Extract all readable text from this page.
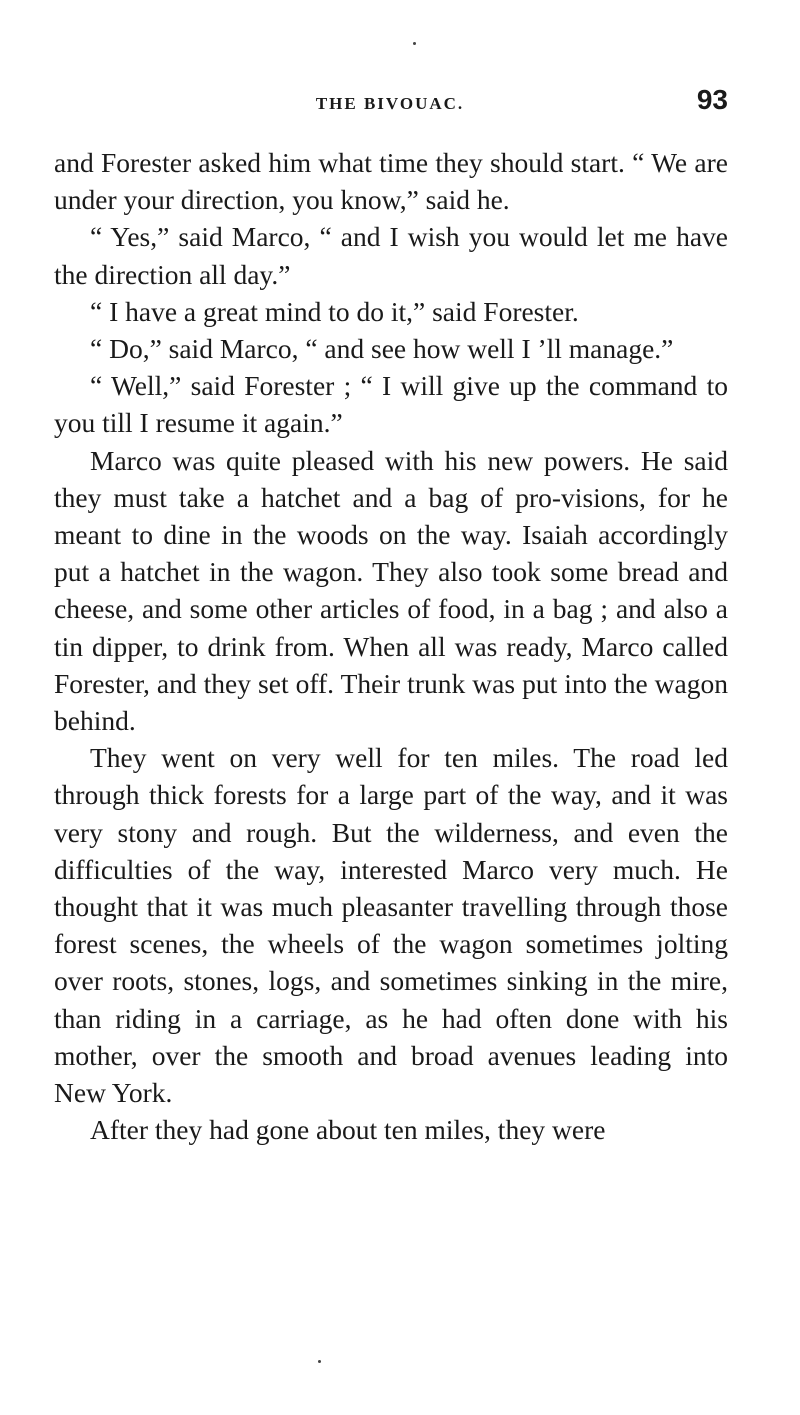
THE BIVOUAC.	93

and Forester asked him what time they should start. “ We are under your direction, you know,” said he.

“ Yes,” said Marco, “ and I wish you would let me have the direction all day.”

“ I have a great mind to do it,” said Forester.

“ Do,” said Marco, “ and see how well I ’ll manage.”

“ Well,” said Forester ; “ I will give up the command to you till I resume it again.”

Marco was quite pleased with his new powers. He said they must take a hatchet and a bag of pro-visions, for he meant to dine in the woods on the way. Isaiah accordingly put a hatchet in the wagon. They also took some bread and cheese, and some other articles of food, in a bag ; and also a tin dipper, to drink from. When all was ready, Marco called Forester, and they set off. Their trunk was put into the wagon behind.

They went on very well for ten miles. The road led through thick forests for a large part of the way, and it was very stony and rough. But the wilderness, and even the difficulties of the way, interested Marco very much. He thought that it was much pleasanter travelling through those forest scenes, the wheels of the wagon sometimes jolting over roots, stones, logs, and sometimes sinking in the mire, than riding in a carriage, as he had often done with his mother, over the smooth and broad avenues leading into New York.

After they had gone about ten miles, they were
